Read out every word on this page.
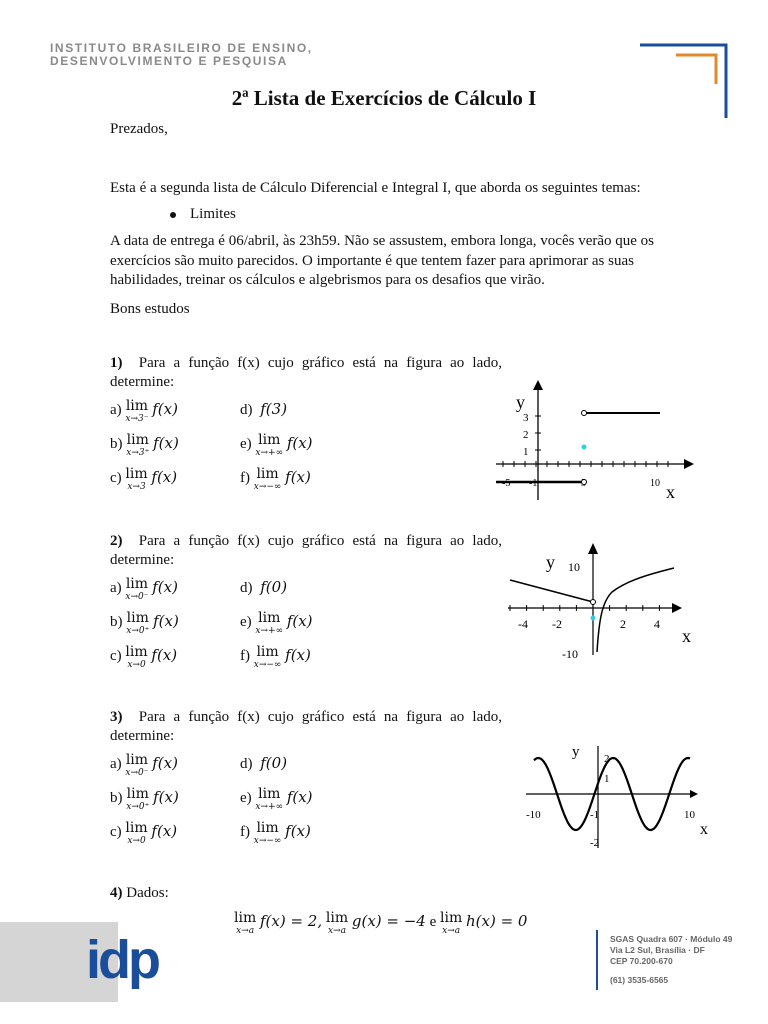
INSTITUTO BRASILEIRO DE ENSINO,
DESENVOLVIMENTO E PESQUISA
2ª Lista de Exercícios de Cálculo I
Prezados,
Esta é a segunda lista de Cálculo Diferencial e Integral I, que aborda os seguintes temas:
Limites
A data de entrega é 06/abril, às 23h59. Não se assustem, embora longa, vocês verão que os exercícios são muito parecidos. O importante é que tentem fazer para aprimorar as suas habilidades, treinar os cálculos e algebrismos para os desafios que virão.
Bons estudos
1) Para a função f(x) cujo gráfico está na figura ao lado, determine:
a) lim
x→3⁻
f(x)
b) lim
x→3⁺
f(x)
c) lim
x→3
f(x)
d) f(3)
e) lim
x→+∞
f(x)
f) lim
x→−∞
f(x)
2) Para a função f(x) cujo gráfico está na figura ao lado, determine:
a) lim
x→0⁻
f(x)
b) lim
x→0⁺
f(x)
c) lim
x→0
f(x)
d) f(0)
e) lim
x→+∞
f(x)
f) lim
x→−∞
f(x)
3) Para a função f(x) cujo gráfico está na figura ao lado, determine:
a) lim
x→0⁻
f(x)
b) lim
x→0⁺
f(x)
c) lim
x→0
f(x)
d) f(0)
e) lim
x→+∞
f(x)
f) lim
x→−∞
f(x)
y
x
3
2
1
-1
-5	10
y
x
10
-10
-4 -2	2 4
y
x
2
1
-1
-2
-10	10
4) Dados:
lim
x→a
f(x) = 2, lim
x→a
g(x) = −4 e lim
x→a
h(x) = 0
idp	SGAS Quadra 607 · Módulo 49
Via L2 Sul, Brasília · DF
CEP 70.200-670
(61) 3535-6565
